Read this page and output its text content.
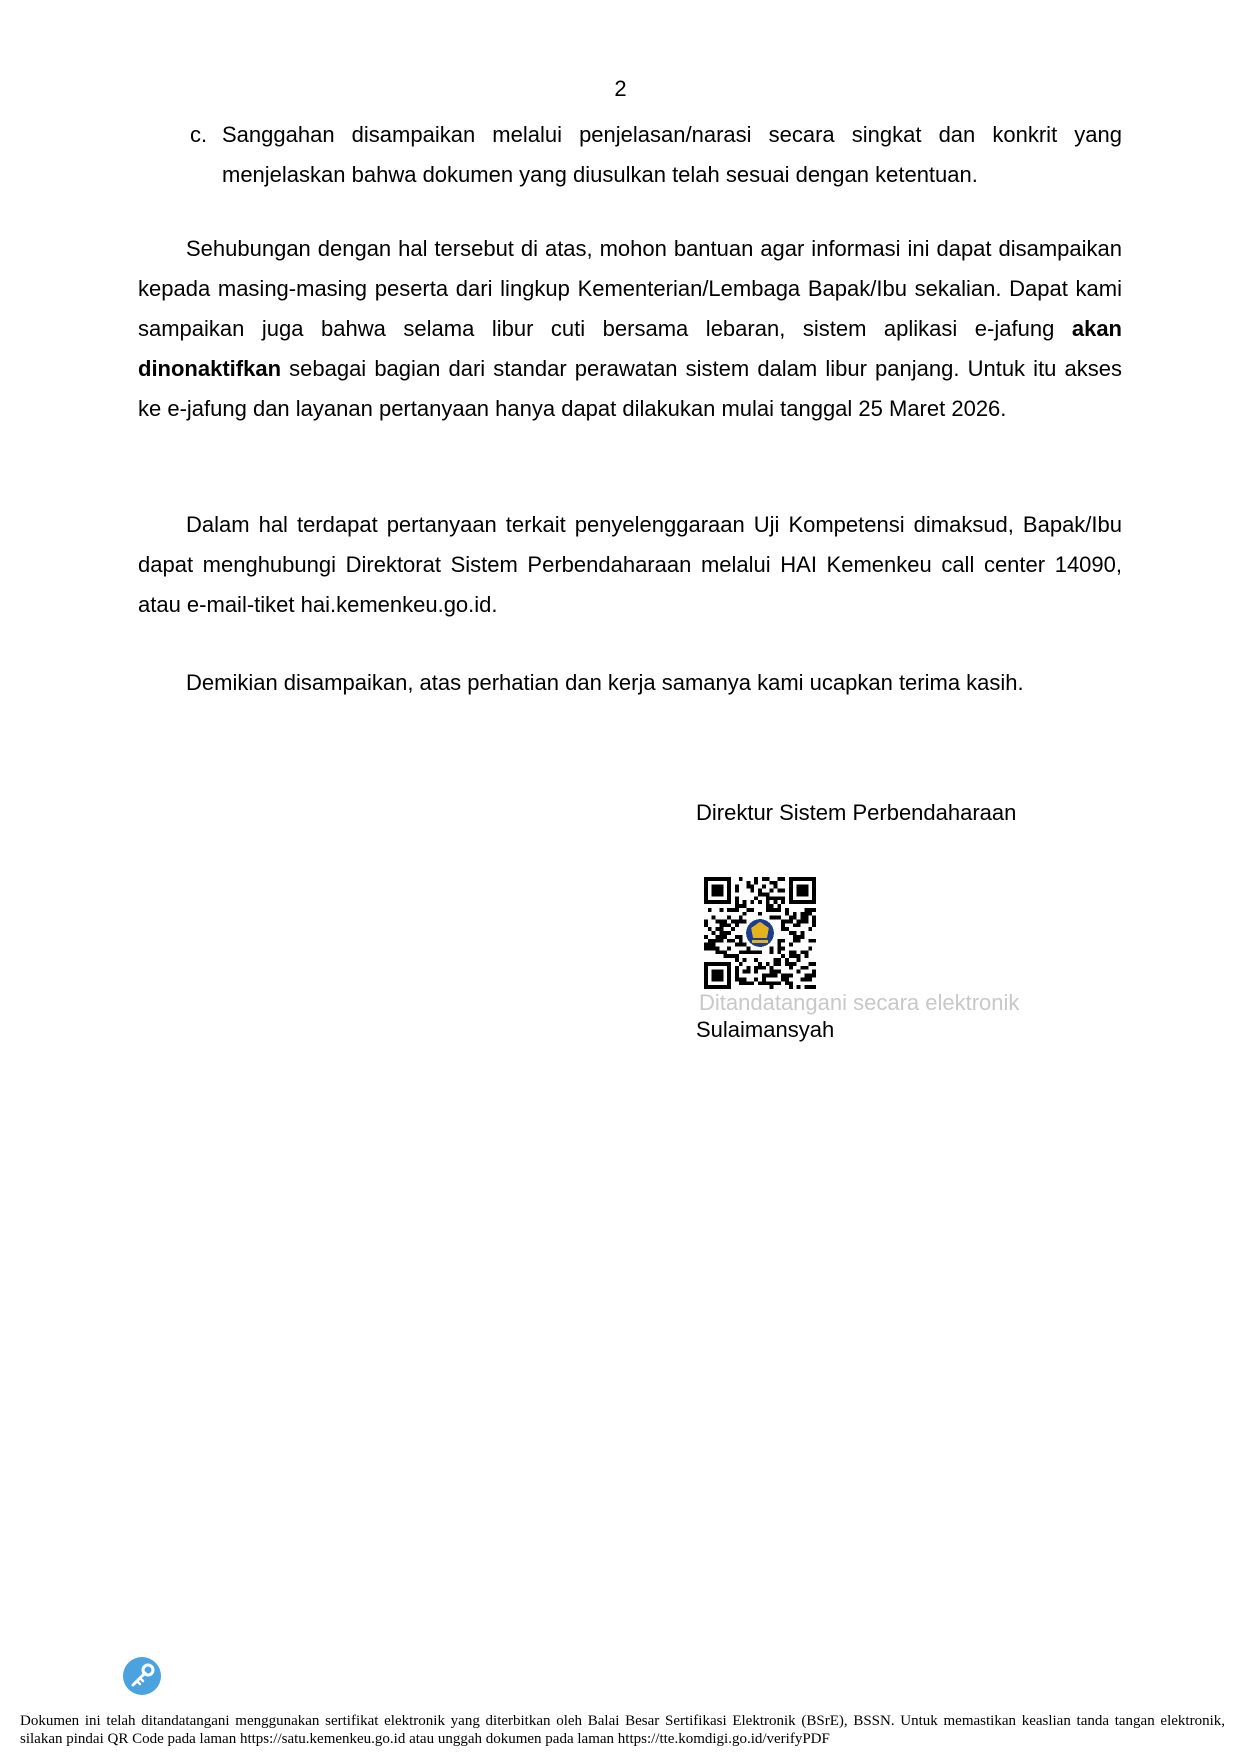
2
c. Sanggahan disampaikan melalui penjelasan/narasi secara singkat dan konkrit yang menjelaskan bahwa dokumen yang diusulkan telah sesuai dengan ketentuan.

Sehubungan dengan hal tersebut di atas, mohon bantuan agar informasi ini dapat disampaikan kepada masing-masing peserta dari lingkup Kementerian/Lembaga Bapak/Ibu sekalian. Dapat kami sampaikan juga bahwa selama libur cuti bersama lebaran, sistem aplikasi e-jafung akan dinonaktifkan sebagai bagian dari standar perawatan sistem dalam libur panjang. Untuk itu akses ke e-jafung dan layanan pertanyaan hanya dapat dilakukan mulai tanggal 25 Maret 2026.

Dalam hal terdapat pertanyaan terkait penyelenggaraan Uji Kompetensi dimaksud, Bapak/Ibu dapat menghubungi Direktorat Sistem Perbendaharaan melalui HAI Kemenkeu call center 14090, atau e-mail-tiket hai.kemenkeu.go.id.

Demikian disampaikan, atas perhatian dan kerja samanya kami ucapkan terima kasih.

Direktur Sistem Perbendaharaan
Ditandatangani secara elektronik
Sulaimansyah
Dokumen ini telah ditandatangani menggunakan sertifikat elektronik yang diterbitkan oleh Balai Besar Sertifikasi Elektronik (BSrE), BSSN. Untuk memastikan keaslian tanda tangan elektronik, silakan pindai QR Code pada laman https://satu.kemenkeu.go.id atau unggah dokumen pada laman https://tte.komdigi.go.id/verifyPDF
